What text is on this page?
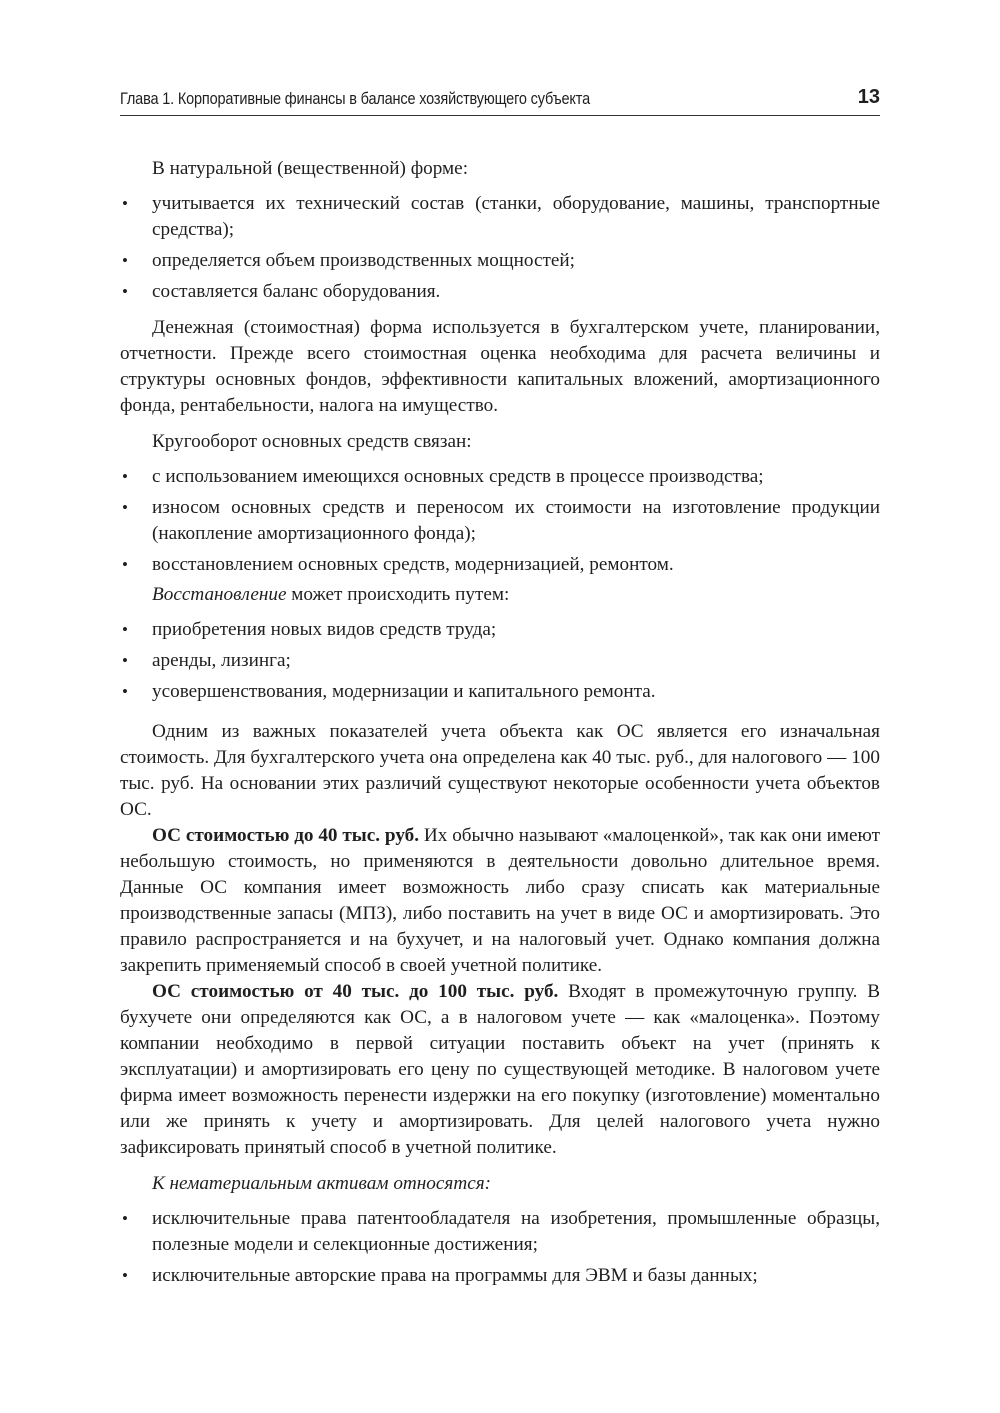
Глава 1. Корпоративные финансы в балансе хозяйствующего субъекта	13

В натуральной (вещественной) форме:

• учитывается их технический состав (станки, оборудование, машины, транспортные средства);
• определяется объем производственных мощностей;
• составляется баланс оборудования.

Денежная (стоимостная) форма используется в бухгалтерском учете, планировании, отчетности. Прежде всего стоимостная оценка необходима для расчета величины и структуры основных фондов, эффективности капитальных вложений, амортизационного фонда, рентабельности, налога на имущество.

Кругооборот основных средств связан:

• с использованием имеющихся основных средств в процессе производства;
• износом основных средств и переносом их стоимости на изготовление продукции (накопление амортизационного фонда);
• восстановлением основных средств, модернизацией, ремонтом.

Восстановление может происходить путем:

• приобретения новых видов средств труда;
• аренды, лизинга;
• усовершенствования, модернизации и капитального ремонта.

Одним из важных показателей учета объекта как ОС является его изначальная стоимость. Для бухгалтерского учета она определена как 40 тыс. руб., для налогового — 100 тыс. руб. На основании этих различий существуют некоторые особенности учета объектов ОС.

ОС стоимостью до 40 тыс. руб. Их обычно называют «малоценкой», так как они имеют небольшую стоимость, но применяются в деятельности довольно длительное время. Данные ОС компания имеет возможность либо сразу списать как материальные производственные запасы (МПЗ), либо поставить на учет в виде ОС и амортизировать. Это правило распространяется и на бухучет, и на налоговый учет. Однако компания должна закрепить применяемый способ в своей учетной политике.

ОС стоимостью от 40 тыс. до 100 тыс. руб. Входят в промежуточную группу. В бухучете они определяются как ОС, а в налоговом учете — как «малоценка». Поэтому компании необходимо в первой ситуации поставить объект на учет (принять к эксплуатации) и амортизировать его цену по существующей методике. В налоговом учете фирма имеет возможность перенести издержки на его покупку (изготовление) моментально или же принять к учету и амортизировать. Для целей налогового учета нужно зафиксировать принятый способ в учетной политике.

К нематериальным активам относятся:

• исключительные права патентообладателя на изобретения, промышленные образцы, полезные модели и селекционные достижения;
• исключительные авторские права на программы для ЭВМ и базы данных;
